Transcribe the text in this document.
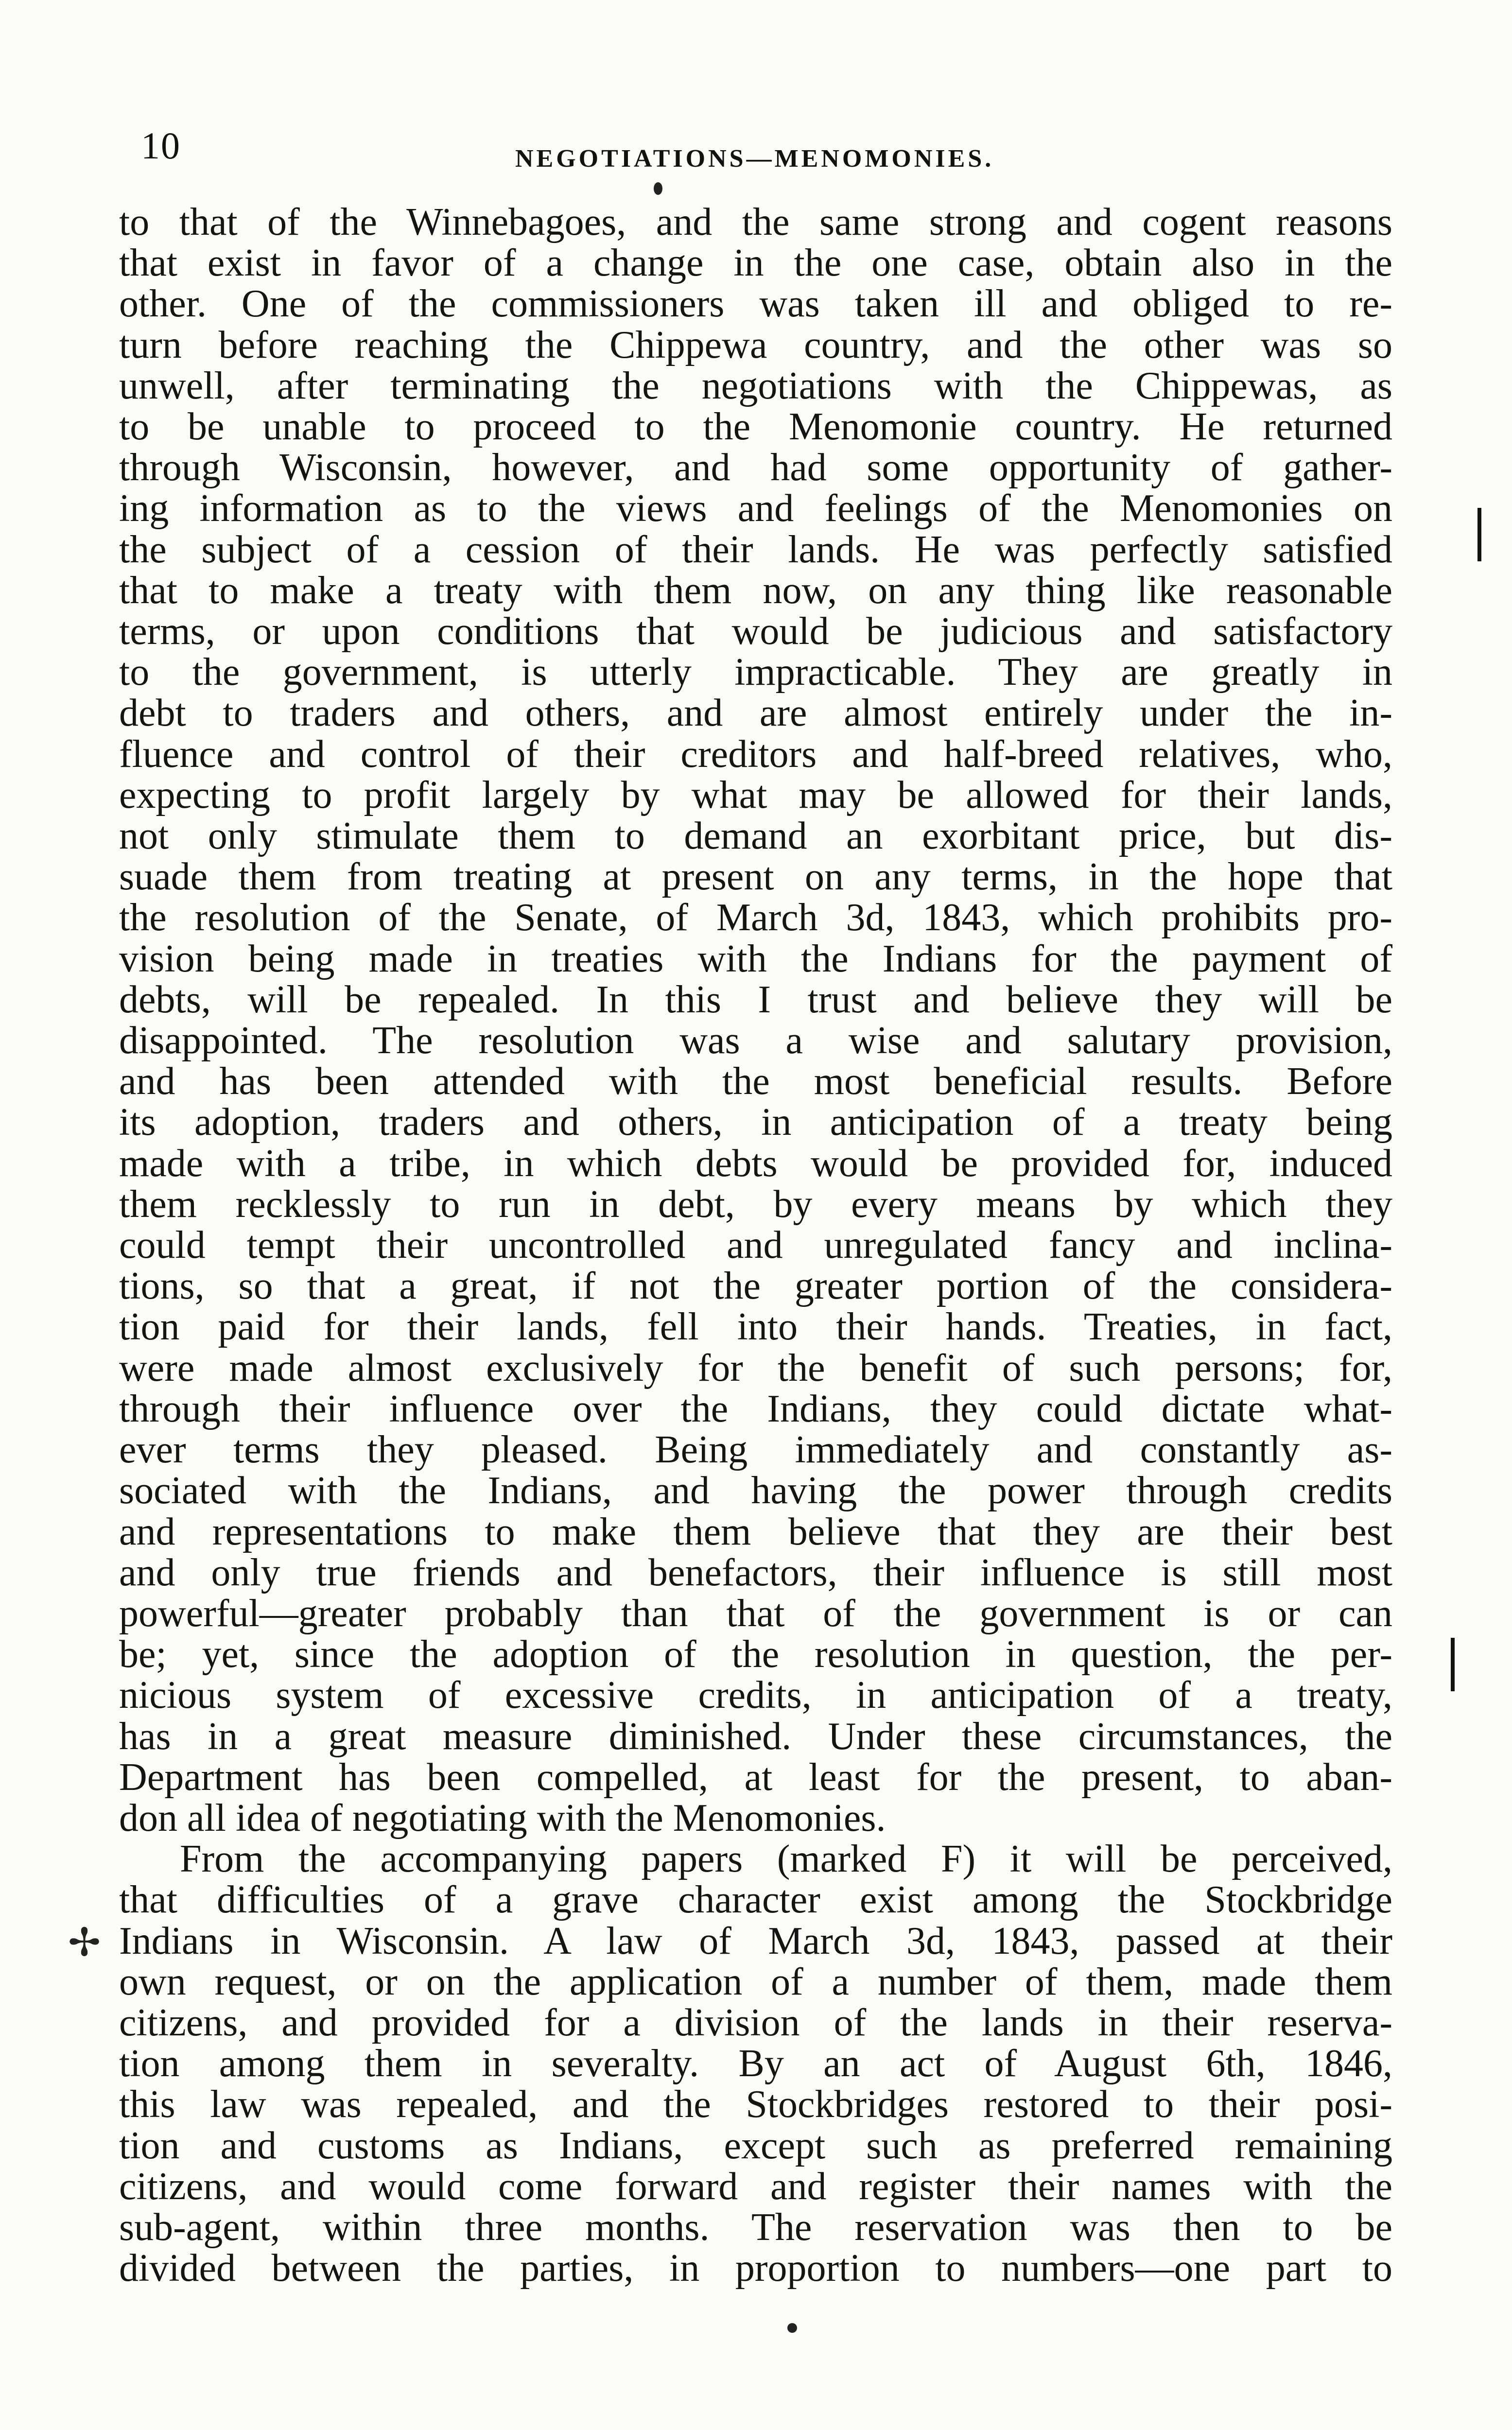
10	NEGOTIATIONS—MENOMONIES.

to that of the Winnebagoes, and the same strong and cogent reasons
that exist in favor of a change in the one case, obtain also in the
other. One of the commissioners was taken ill and obliged to re-
turn before reaching the Chippewa country, and the other was so
unwell, after terminating the negotiations with the Chippewas, as
to be unable to proceed to the Menomonie country. He returned
through Wisconsin, however, and had some opportunity of gather-
ing information as to the views and feelings of the Menomonies on
the subject of a cession of their lands. He was perfectly satisfied
that to make a treaty with them now, on any thing like reasonable
terms, or upon conditions that would be judicious and satisfactory
to the government, is utterly impracticable. They are greatly in
debt to traders and others, and are almost entirely under the in-
fluence and control of their creditors and half-breed relatives, who,
expecting to profit largely by what may be allowed for their lands,
not only stimulate them to demand an exorbitant price, but dis-
suade them from treating at present on any terms, in the hope that
the resolution of the Senate, of March 3d, 1843, which prohibits pro-
vision being made in treaties with the Indians for the payment of
debts, will be repealed. In this I trust and believe they will be
disappointed. The resolution was a wise and salutary provision,
and has been attended with the most beneficial results. Before
its adoption, traders and others, in anticipation of a treaty being
made with a tribe, in which debts would be provided for, induced
them recklessly to run in debt, by every means by which they
could tempt their uncontrolled and unregulated fancy and inclina-
tions, so that a great, if not the greater portion of the considera-
tion paid for their lands, fell into their hands. Treaties, in fact,
were made almost exclusively for the benefit of such persons; for,
through their influence over the Indians, they could dictate what-
ever terms they pleased. Being immediately and constantly as-
sociated with the Indians, and having the power through credits
and representations to make them believe that they are their best
and only true friends and benefactors, their influence is still most
powerful—greater probably than that of the government is or can
be; yet, since the adoption of the resolution in question, the per-
nicious system of excessive credits, in anticipation of a treaty,
has in a great measure diminished. Under these circumstances, the
Department has been compelled, at least for the present, to aban-
don all idea of negotiating with the Menomonies.

From the accompanying papers (marked F) it will be perceived,
that difficulties of a grave character exist among the Stockbridge
Indians in Wisconsin. A law of March 3d, 1843, passed at their
own request, or on the application of a number of them, made them
citizens, and provided for a division of the lands in their reserva-
tion among them in severalty. By an act of August 6th, 1846,
this law was repealed, and the Stockbridges restored to their posi-
tion and customs as Indians, except such as preferred remaining
citizens, and would come forward and register their names with the
sub-agent, within three months. The reservation was then to be
divided between the parties, in proportion to numbers—one part to

✢
